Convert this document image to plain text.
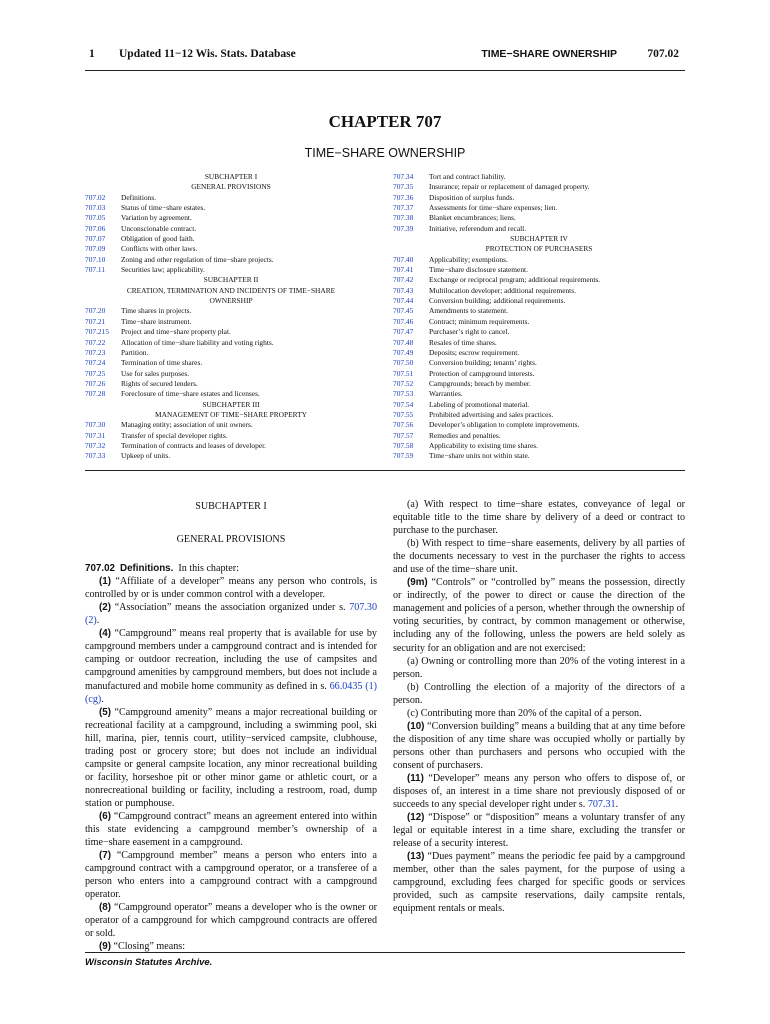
1 Updated 11−12 Wis. Stats. Database	TIME−SHARE OWNERSHIP	707.02
CHAPTER 707
TIME−SHARE OWNERSHIP
SUBCHAPTER I
GENERAL PROVISIONS
707.02	Definitions.
707.03	Status of time−share estates.
707.05	Variation by agreement.
707.06	Unconscionable contract.
707.07	Obligation of good faith.
707.09	Conflicts with other laws.
707.10	Zoning and other regulation of time−share projects.
707.11	Securities law; applicability.
SUBCHAPTER II
CREATION, TERMINATION AND INCIDENTS OF TIME−SHARE
OWNERSHIP
707.20	Time shares in projects.
707.21	Time−share instrument.
707.215	Project and time−share property plat.
707.22	Allocation of time−share liability and voting rights.
707.23	Partition.
707.24	Termination of time shares.
707.25	Use for sales purposes.
707.26	Rights of secured lenders.
707.28	Foreclosure of time−share estates and licenses.
SUBCHAPTER III
MANAGEMENT OF TIME−SHARE PROPERTY
707.30	Managing entity; association of unit owners.
707.31	Transfer of special developer rights.
707.32	Termination of contracts and leases of developer.
707.33	Upkeep of units.
707.34	Tort and contract liability.
707.35	Insurance; repair or replacement of damaged property.
707.36	Disposition of surplus funds.
707.37	Assessments for time−share expenses; lien.
707.38	Blanket encumbrances; liens.
707.39	Initiative, referendum and recall.
SUBCHAPTER IV
PROTECTION OF PURCHASERS
707.40	Applicability; exemptions.
707.41	Time−share disclosure statement.
707.42	Exchange or reciprocal program; additional requirements.
707.43	Multilocation developer; additional requirements.
707.44	Conversion building; additional requirements.
707.45	Amendments to statement.
707.46	Contract; minimum requirements.
707.47	Purchaser’s right to cancel.
707.48	Resales of time shares.
707.49	Deposits; escrow requirement.
707.50	Conversion building; tenants’ rights.
707.51	Protection of campground interests.
707.52	Campgrounds; breach by member.
707.53	Warranties.
707.54	Labeling of promotional material.
707.55	Prohibited advertising and sales practices.
707.56	Developer’s obligation to complete improvements.
707.57	Remedies and penalties.
707.58	Applicability to existing time shares.
707.59	Time−share units not within state.

SUBCHAPTER I

GENERAL PROVISIONS

707.02 Definitions. In this chapter:

(1) “Affiliate of a developer” means any person who controls, is controlled by or is under common control with a developer.

(2) “Association” means the association organized under s. 707.30 (2).

(4) “Campground” means real property that is available for use by campground members under a campground contract and is intended for camping or outdoor recreation, including the use of campsites and campground amenities by campground members, but does not include a manufactured and mobile home community as defined in s. 66.0435 (1) (cg).

(5) “Campground amenity” means a major recreational building or recreational facility at a campground, including a swimming pool, ski hill, marina, pier, tennis court, utility−serviced campsite, clubhouse, trading post or grocery store; but does not include an individual campsite or general campsite location, any minor recreational building or facility, horseshoe pit or other minor game or athletic court, or a nonrecreational building or facility, including a restroom, road, dump station or pumphouse.

(6) “Campground contract” means an agreement entered into within this state evidencing a campground member’s ownership of a time−share easement in a campground.

(7) “Campground member” means a person who enters into a campground contract with a campground operator, or a transferee of a person who enters into a campground contract with a campground operator.

(8) “Campground operator” means a developer who is the owner or operator of a campground for which campground contracts are offered or sold.

(9) “Closing” means:

(a) With respect to time−share estates, conveyance of legal or equitable title to the time share by delivery of a deed or contract to purchase to the purchaser.

(b) With respect to time−share easements, delivery by all parties of the documents necessary to vest in the purchaser the rights to access and use of the time−share unit.

(9m) “Controls” or “controlled by” means the possession, directly or indirectly, of the power to direct or cause the direction of the management and policies of a person, whether through the ownership of voting securities, by contract, by common management or otherwise, including any of the following, unless the powers are held solely as security for an obligation and are not exercised:

(a) Owning or controlling more than 20% of the voting interest in a person.

(b) Controlling the election of a majority of the directors of a person.

(c) Contributing more than 20% of the capital of a person.

(10) “Conversion building” means a building that at any time before the disposition of any time share was occupied wholly or partially by persons other than purchasers and persons who occupied with the consent of purchasers.

(11) “Developer” means any person who offers to dispose of, or disposes of, an interest in a time share not previously disposed of or succeeds to any special developer right under s. 707.31.

(12) “Dispose” or “disposition” means a voluntary transfer of any legal or equitable interest in a time share, excluding the transfer or release of a security interest.

(13) “Dues payment” means the periodic fee paid by a campground member, other than the sales payment, for the purpose of using a campground, excluding fees charged for specific goods or services provided, such as campsite reservations, daily campsite rentals, equipment rentals or meals.

Wisconsin Statutes Archive.
